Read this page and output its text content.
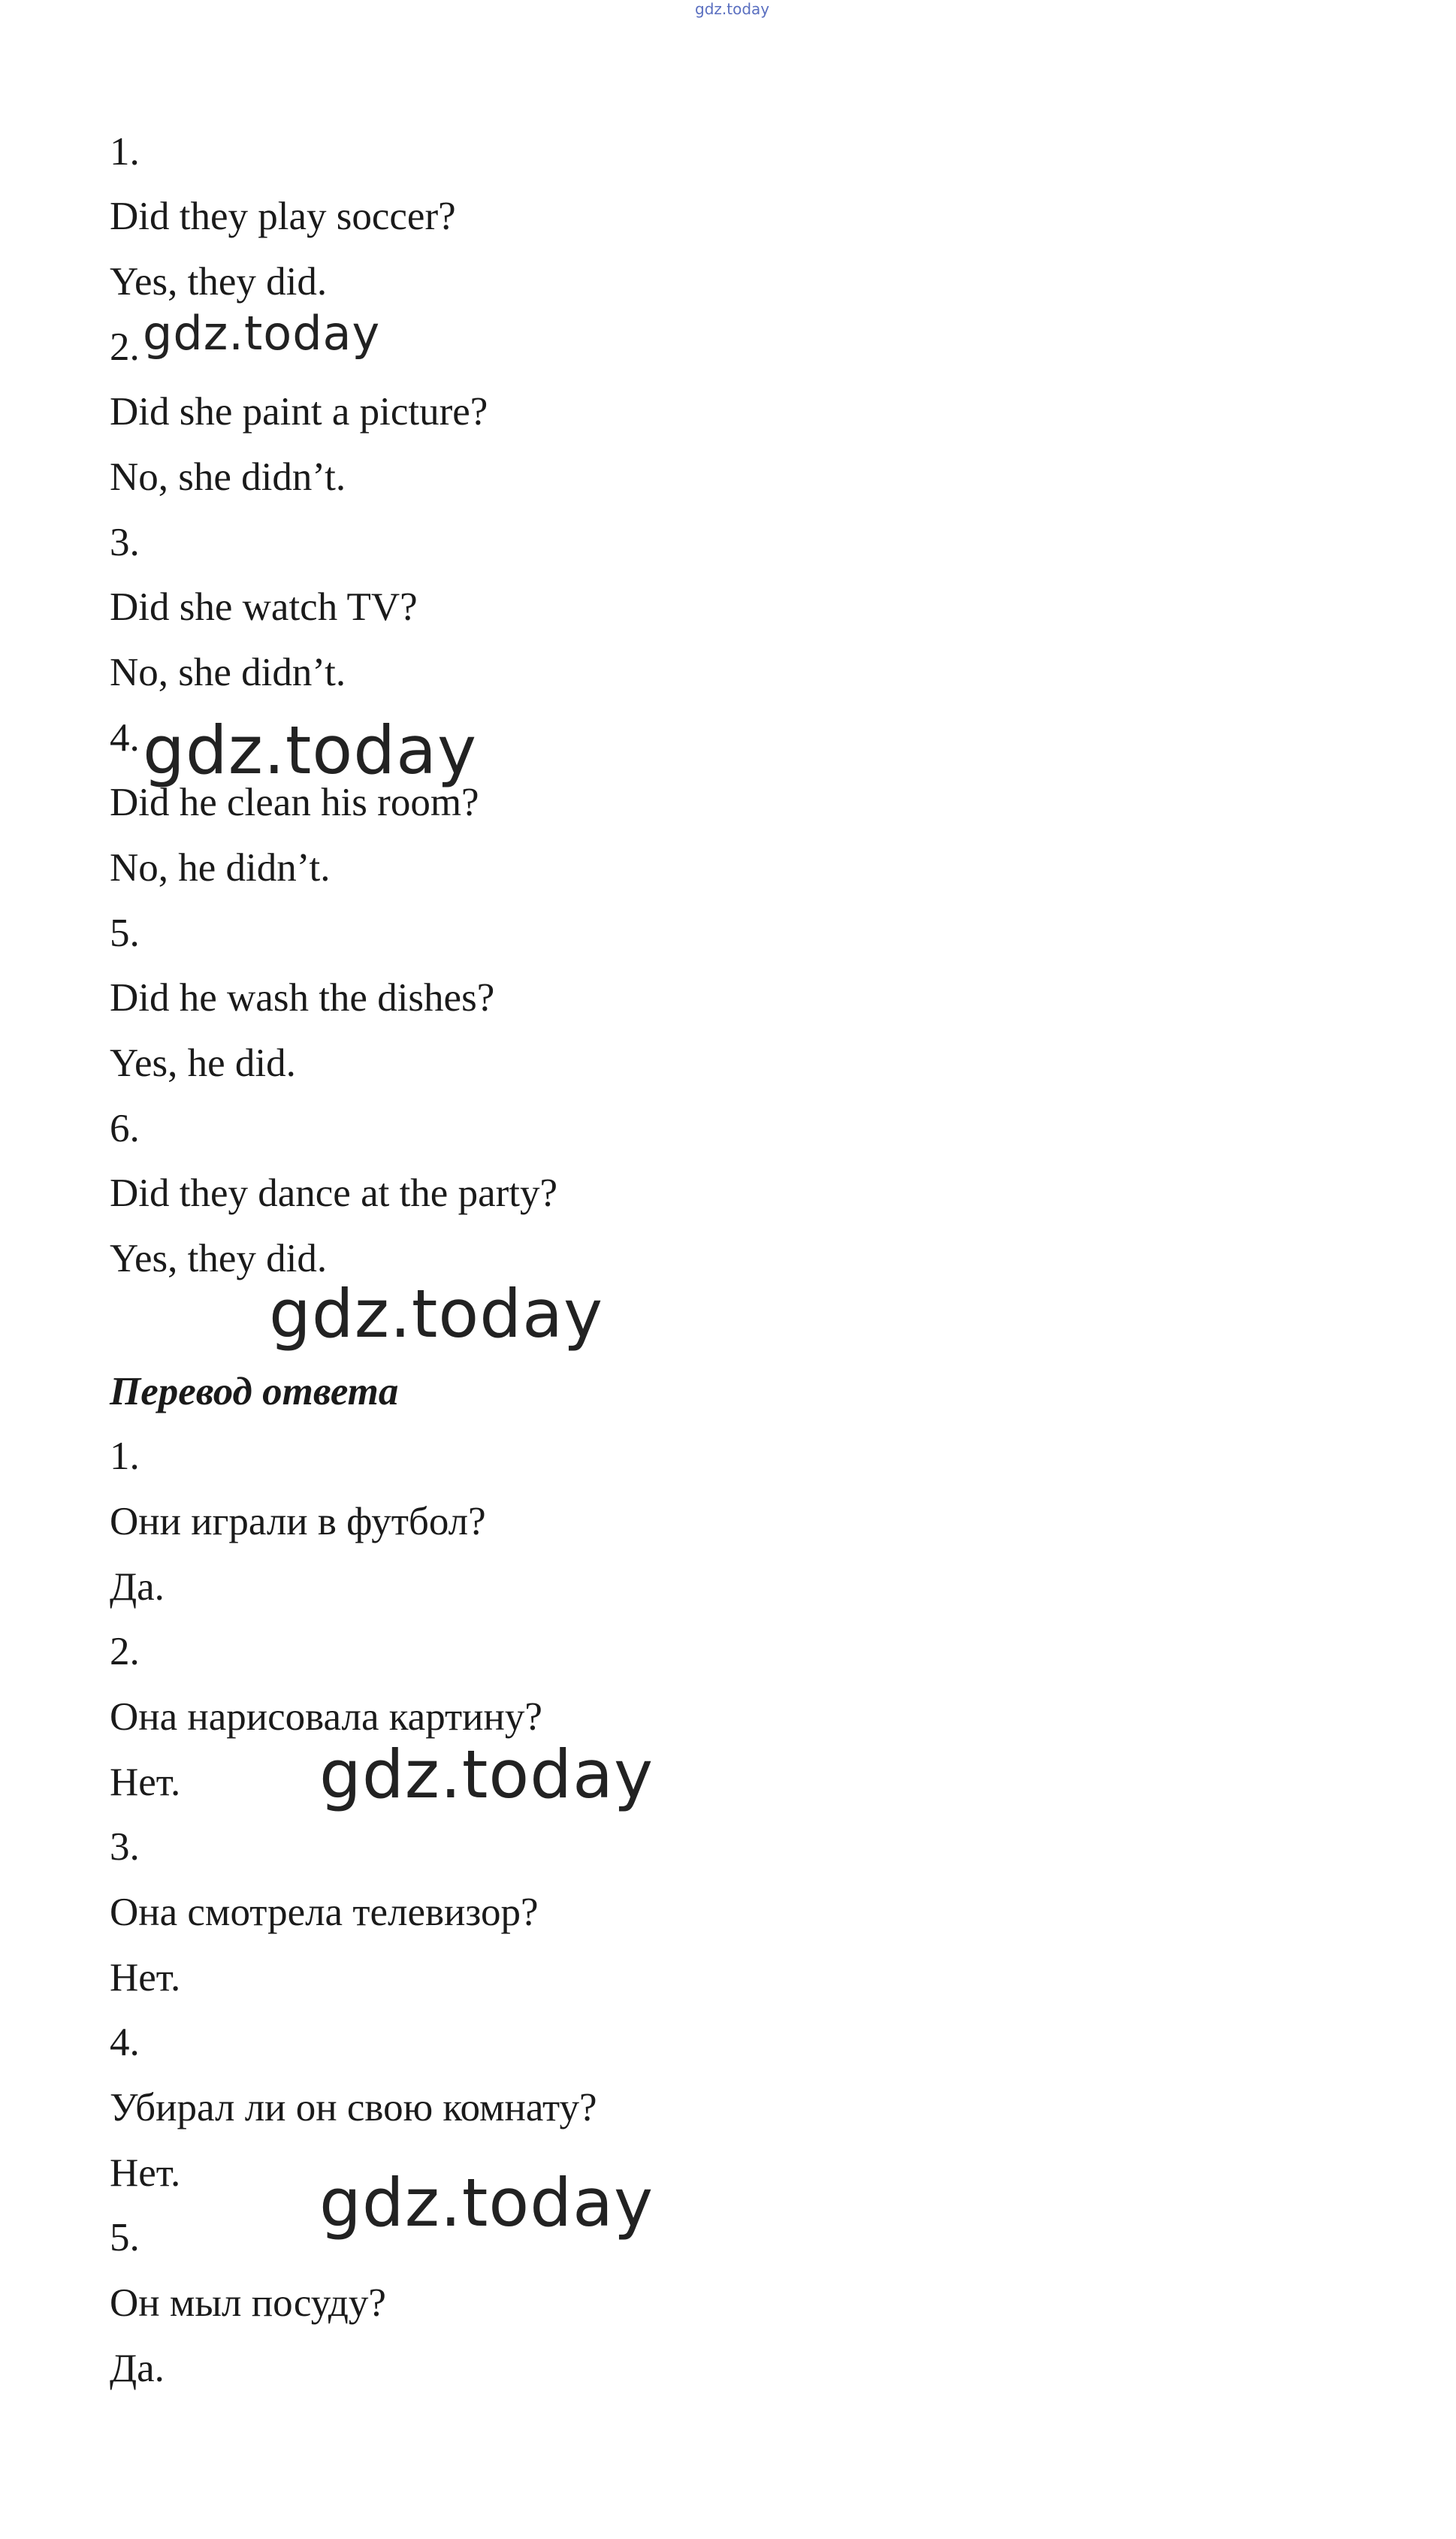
gdz.today
1.
Did they play soccer?
Yes, they did.
2. gdz.today
Did she paint a picture?
No, she didn’t.
3.
Did she watch TV?
No, she didn’t.
4. gdz.today
Did he clean his room?
No, he didn’t.
5.
Did he wash the dishes?
Yes, he did.
6.
Did they dance at the party?
Yes, they did.
gdz.today
Перевод ответа
1.
Они играли в футбол?
Да.
2.
Она нарисовала картину?
Нет. gdz.today
3.
Она смотрела телевизор?
Нет.
4.
Убирал ли он свою комнату?
Нет. gdz.today
5.
Он мыл посуду?
Да.
